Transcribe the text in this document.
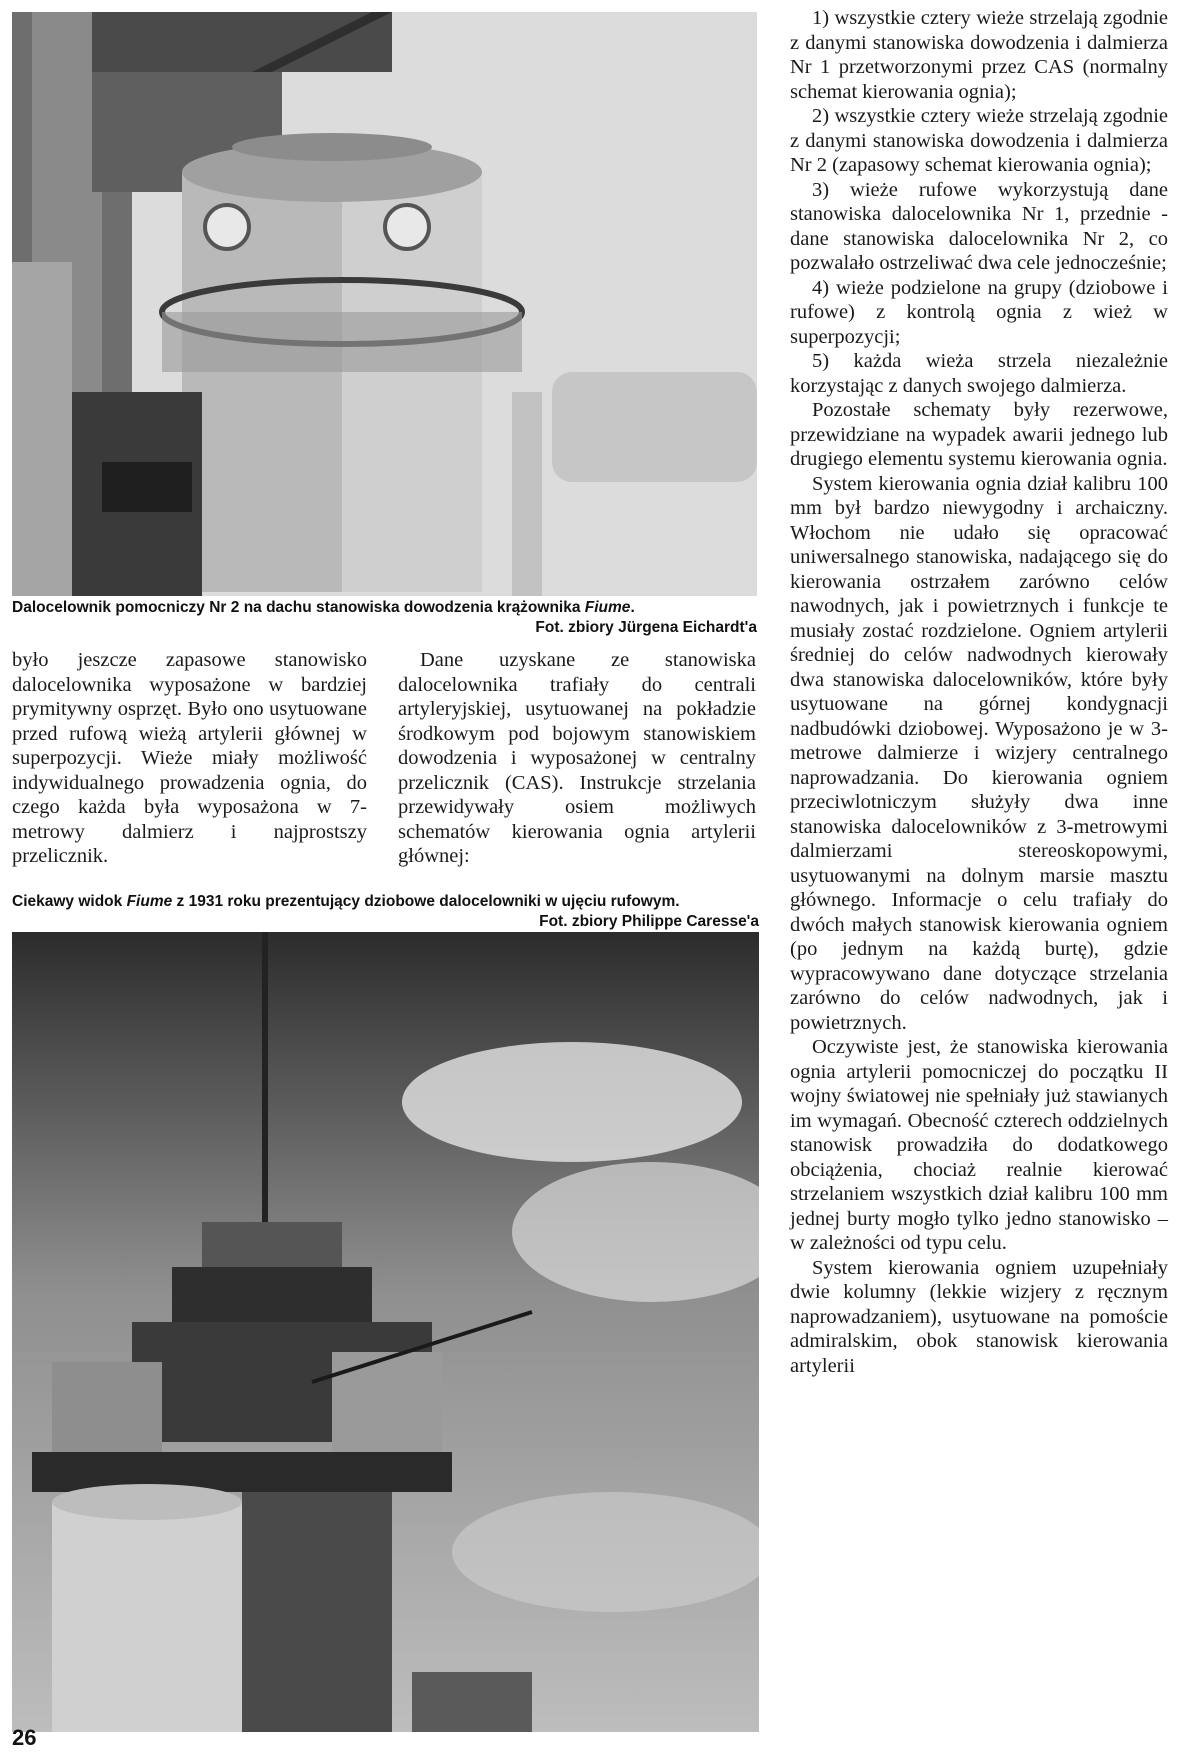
Dalocelownik pomocniczy Nr 2 na dachu stanowiska dowodzenia krążownika Fiume.
Fot. zbiory Jürgena Eichardt'a

było jeszcze zapasowe stanowisko dalocelownika wyposażone w bardziej prymitywny osprzęt. Było ono usytuowane przed rufową wieżą artylerii głównej w superpozycji. Wieże miały możliwość indywidualnego prowadzenia ognia, do czego każda była wyposażona w 7-metrowy dalmierz i najprostszy przelicznik.

Dane uzyskane ze stanowiska dalocelownika trafiały do centrali artyleryjskiej, usytuowanej na pokładzie środkowym pod bojowym stanowiskiem dowodzenia i wyposażonej w centralny przelicznik (CAS). Instrukcje strzelania przewidywały osiem możliwych schematów kierowania ognia artylerii głównej:

Ciekawy widok Fiume z 1931 roku prezentujący dziobowe dalocelowniki w ujęciu rufowym.
Fot. zbiory Philippe Caresse'a

1) wszystkie cztery wieże strzelają zgodnie z danymi stanowiska dowodzenia i dalmierza Nr 1 przetworzonymi przez CAS (normalny schemat kierowania ognia);

2) wszystkie cztery wieże strzelają zgodnie z danymi stanowiska dowodzenia i dalmierza Nr 2 (zapasowy schemat kierowania ognia);

3) wieże rufowe wykorzystują dane stanowiska dalocelownika Nr 1, przednie - dane stanowiska dalocelownika Nr 2, co pozwalało ostrzeliwać dwa cele jednocześnie;

4) wieże podzielone na grupy (dziobowe i rufowe) z kontrolą ognia z wież w superpozycji;

5) każda wieża strzela niezależnie korzystając z danych swojego dalmierza.

Pozostałe schematy były rezerwowe, przewidziane na wypadek awarii jednego lub drugiego elementu systemu kierowania ognia.

System kierowania ognia dział kalibru 100 mm był bardzo niewygodny i archaiczny. Włochom nie udało się opracować uniwersalnego stanowiska, nadającego się do kierowania ostrzałem zarówno celów nawodnych, jak i powietrznych i funkcje te musiały zostać rozdzielone. Ogniem artylerii średniej do celów nadwodnych kierowały dwa stanowiska dalocelowników, które były usytuowane na górnej kondygnacji nadbudówki dziobowej. Wyposażono je w 3-metrowe dalmierze i wizjery centralnego naprowadzania. Do kierowania ogniem przeciwlotniczym służyły dwa inne stanowiska dalocelowników z 3-metrowymi dalmierzami stereoskopowymi, usytuowanymi na dolnym marsie masztu głównego. Informacje o celu trafiały do dwóch małych stanowisk kierowania ogniem (po jednym na każdą burtę), gdzie wypracowywano dane dotyczące strzelania zarówno do celów nadwodnych, jak i powietrznych.

Oczywiste jest, że stanowiska kierowania ognia artylerii pomocniczej do początku II wojny światowej nie spełniały już stawianych im wymagań. Obecność czterech oddzielnych stanowisk prowadziła do dodatkowego obciążenia, chociaż realnie kierować strzelaniem wszystkich dział kalibru 100 mm jednej burty mogło tylko jedno stanowisko – w zależności od typu celu.

System kierowania ogniem uzupełniały dwie kolumny (lekkie wizjery z ręcznym naprowadzaniem), usytuowane na pomoście admiralskim, obok stanowisk kierowania artylerii

26
